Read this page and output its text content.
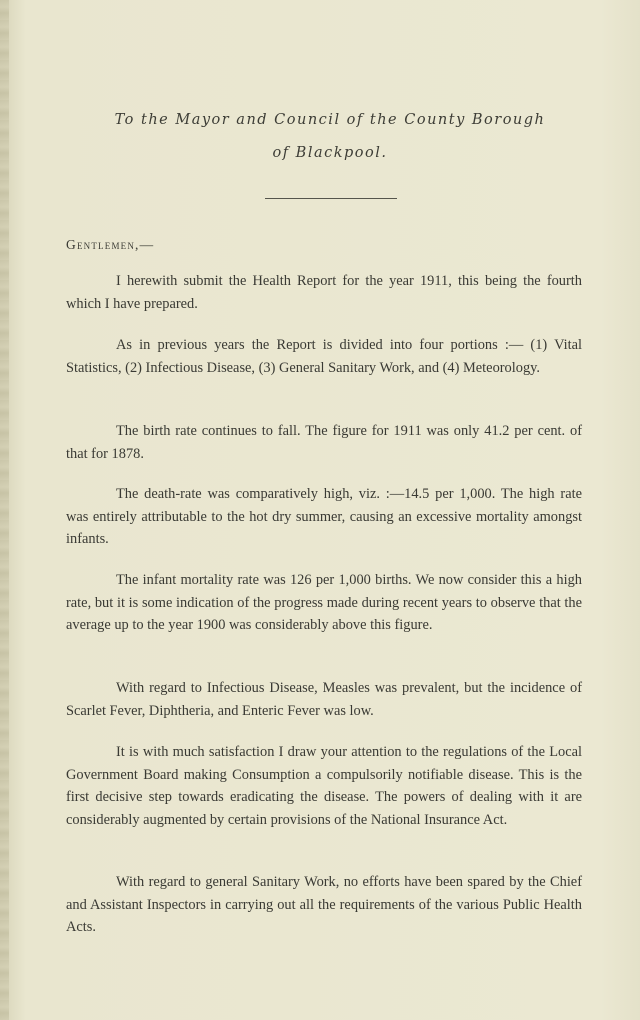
To the Mayor and Council of the County Borough
of Blackpool.
Gentlemen,—

I herewith submit the Health Report for the year 1911, this being the fourth which I have prepared.

As in previous years the Report is divided into four portions :— (1) Vital Statistics, (2) Infectious Disease, (3) General Sanitary Work, and (4) Meteorology.

The birth rate continues to fall. The figure for 1911 was only 41.2 per cent. of that for 1878.

The death-rate was comparatively high, viz. :—14.5 per 1,000. The high rate was entirely attributable to the hot dry summer, causing an excessive mortality amongst infants.

The infant mortality rate was 126 per 1,000 births. We now consider this a high rate, but it is some indication of the progress made during recent years to observe that the average up to the year 1900 was considerably above this figure.

With regard to Infectious Disease, Measles was prevalent, but the incidence of Scarlet Fever, Diphtheria, and Enteric Fever was low.

It is with much satisfaction I draw your attention to the regulations of the Local Government Board making Consumption a compulsorily notifiable disease. This is the first decisive step towards eradicating the disease. The powers of dealing with it are considerably augmented by certain provisions of the National Insurance Act.

With regard to general Sanitary Work, no efforts have been spared by the Chief and Assistant Inspectors in carrying out all the requirements of the various Public Health Acts.
